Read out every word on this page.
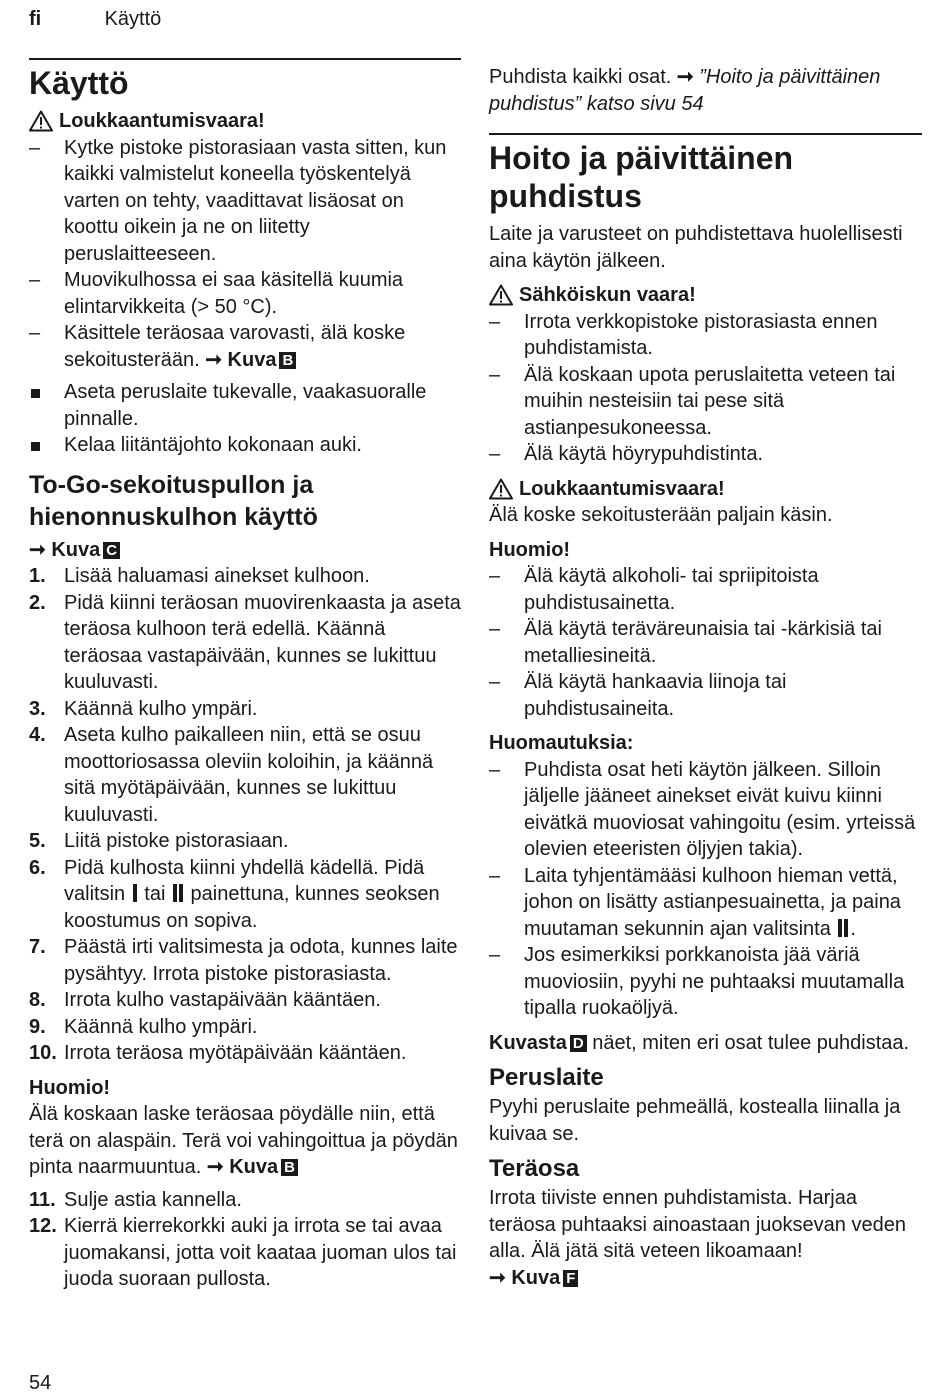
fi	Käyttö
Käyttö
Loukkaantumisvaara!
– Kytke pistoke pistorasiaan vasta sitten, kun kaikki valmistelut koneella työskentelyä varten on tehty, vaadittavat lisäosat on koottu oikein ja ne on liitetty peruslaitteeseen.
– Muovikulhossa ei saa käsitellä kuumia elintarvikkeita (> 50 °C).
– Käsittele teräosaa varovasti, älä koske sekoitusterään. ➞ Kuva B
Aseta peruslaite tukevalle, vaakasuoralle pinnalle.
Kelaa liitäntäjohto kokonaan auki.
To-Go-sekoituspullon ja hienonnuskulhon käyttö

➞ Kuva C

1. Lisää haluamasi ainekset kulhoon.
2. Pidä kiinni teräosan muovirenkaasta ja aseta teräosa kulhoon terä edellä. Käännä teräosaa vastapäivään, kunnes se lukittuu kuuluvasti.
3. Käännä kulho ympäri.
4. Aseta kulho paikalleen niin, että se osuu moottoriosassa oleviin koloihin, ja käännä sitä myötäpäivään, kunnes se lukittuu kuuluvasti.
5. Liitä pistoke pistorasiaan.
6. Pidä kulhosta kiinni yhdellä kädellä. Pidä valitsin tai painettuna, kunnes seoksen koostumus on sopiva.
7. Päästä irti valitsimesta ja odota, kunnes laite pysähtyy. Irrota pistoke pistorasiasta.
8. Irrota kulho vastapäivään kääntäen.
9. Käännä kulho ympäri.
10. Irrota teräosa myötäpäivään kääntäen.

Huomio!

Älä koskaan laske teräosaa pöydälle niin, että terä on alaspäin. Terä voi vahingoittua ja pöydän pinta naarmuuntua. ➞ Kuva B

11. Sulje astia kannella.
12. Kierrä kierrekorkki auki ja irrota se tai avaa juomakansi, jotta voit kaataa juoman ulos tai juoda suoraan pullosta.

Puhdista kaikki osat. ➞ ”Hoito ja päivittäinen puhdistus” katso sivu 54

Hoito ja päivittäinen puhdistus

Laite ja varusteet on puhdistettava huolellisesti aina käytön jälkeen.

Sähköiskun vaara!
– Irrota verkkopistoke pistorasiasta ennen puhdistamista.
– Älä koskaan upota peruslaitetta veteen tai muihin nesteisiin tai pese sitä astianpesukoneessa.
– Älä käytä höyrypuhdistinta.
Loukkaantumisvaara!

Älä koske sekoitusterään paljain käsin.

Huomio!

– Älä käytä alkoholi- tai spriipitoista puhdistusainetta.
– Älä käytä teräväreunaisia tai -kärkisiä tai metalliesineitä.
– Älä käytä hankaavia liinoja tai puhdistusaineita.

Huomautuksia:

– Puhdista osat heti käytön jälkeen. Silloin jäljelle jääneet ainekset eivät kuivu kiinni eivätkä muoviosat vahingoitu (esim. yrteissä olevien eteeristen öljyjen takia).
– Laita tyhjentämääsi kulhoon hieman vettä, johon on lisätty astianpesuainetta, ja paina muutaman sekunnin ajan valitsinta .
– Jos esimerkiksi porkkanoista jää väriä muoviosiin, pyyhi ne puhtaaksi muutamalla tipalla ruokaöljyä.

Kuvasta D näet, miten eri osat tulee puhdistaa.

Peruslaite

Pyyhi peruslaite pehmeällä, kostealla liinalla ja kuivaa se.

Teräosa

Irrota tiiviste ennen puhdistamista. Harjaa teräosa puhtaaksi ainoastaan juoksevan veden alla. Älä jätä sitä veteen likoamaan!

➞ Kuva F

54
